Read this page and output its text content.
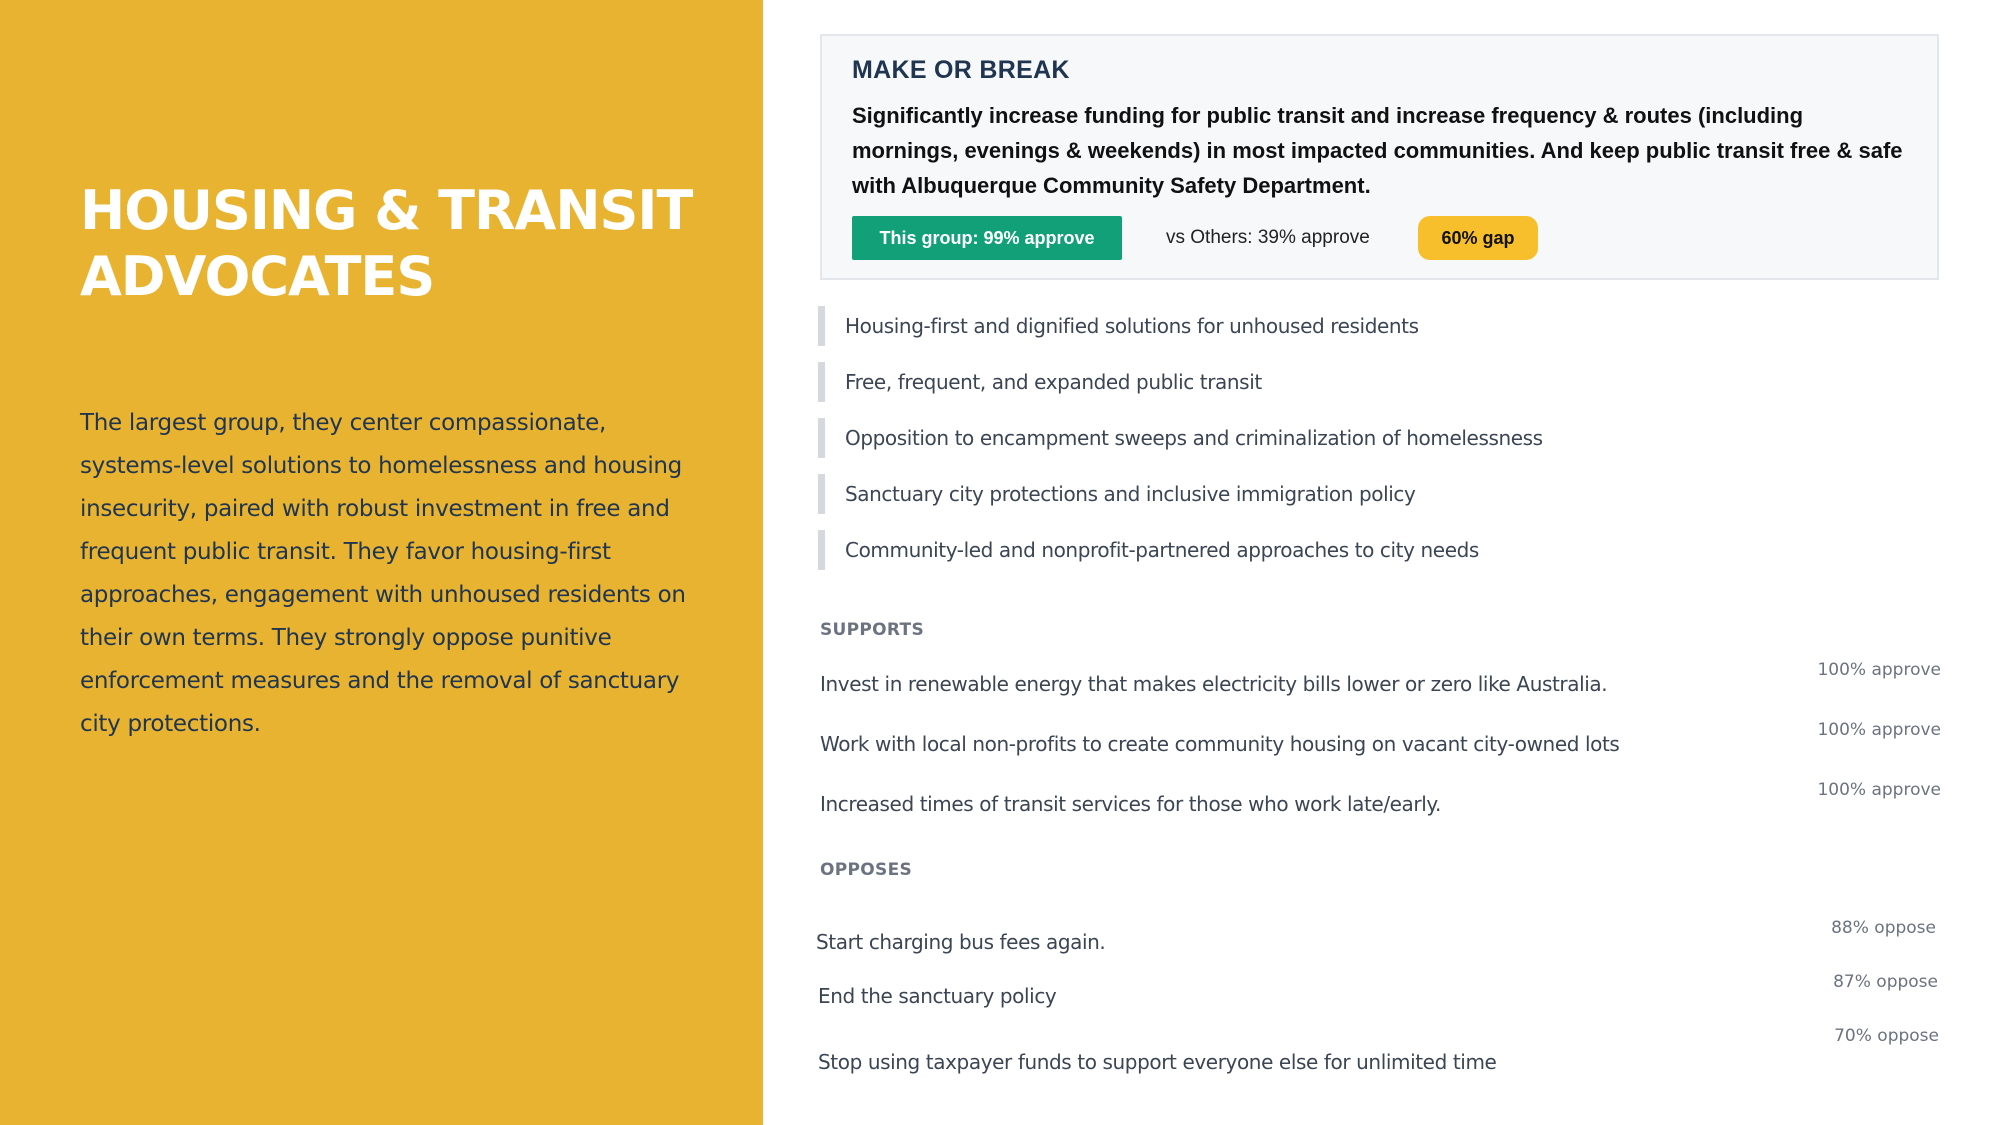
HOUSING & TRANSIT ADVOCATES

The largest group, they center compassionate, systems-level solutions to homelessness and housing insecurity, paired with robust investment in free and frequent public transit. They favor housing-first approaches, engagement with unhoused residents on their own terms. They strongly oppose punitive enforcement measures and the removal of sanctuary city protections.

MAKE OR BREAK

Significantly increase funding for public transit and increase frequency & routes (including mornings, evenings & weekends) in most impacted communities. And keep public transit free & safe with Albuquerque Community Safety Department.

This group: 99% approve	vs Others: 39% approve	60% gap
Housing-first and dignified solutions for unhoused residents
Free, frequent, and expanded public transit
Opposition to encampment sweeps and criminalization of homelessness
Sanctuary city protections and inclusive immigration policy
Community-led and nonprofit-partnered approaches to city needs
SUPPORTS
Invest in renewable energy that makes electricity bills lower or zero like Australia.
100% approve
Work with local non-profits to create community housing on vacant city-owned lots
100% approve
Increased times of transit services for those who work late/early.
100% approve
OPPOSES
Start charging bus fees again.
88% oppose
End the sanctuary policy
87% oppose
Stop using taxpayer funds to support everyone else for unlimited time
70% oppose
